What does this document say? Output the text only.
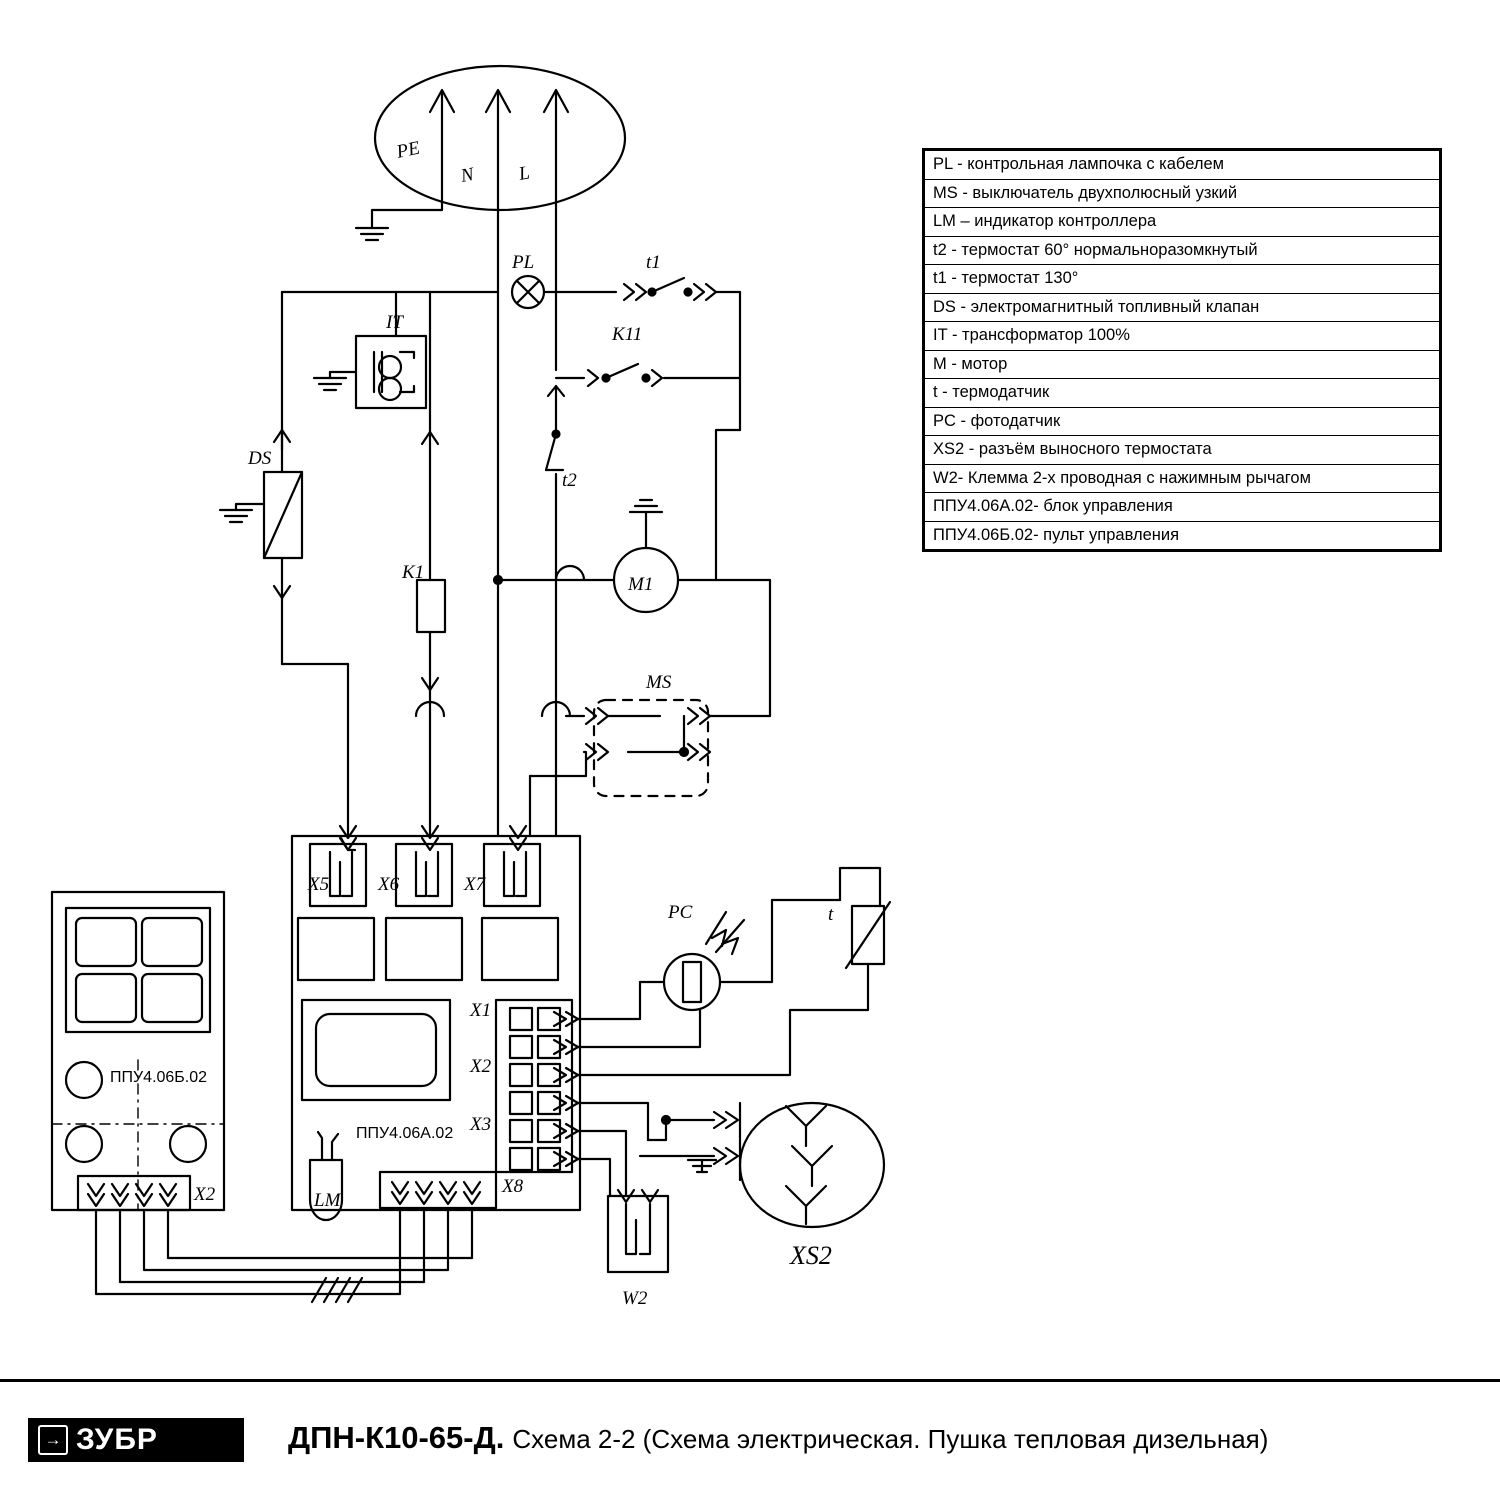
PE
N L
PL	t1
K11
IT
DS
K1
t2
M1
MS
X5	X6	X7
X1
X2
X3
X8
X2	LM
W2
PC	t
XS2
ППУ4.06А.02
ППУ4.06Б.02
PL - контрольная лампочка с кабелем
MS - выключатель двухполюсный узкий
LM – индикатор контроллера
t2 - термостат 60° нормальноразомкнутый
t1 - термостат 130°
DS - электромагнитный топливный клапан
IT - трансформатор 100%
M - мотор
t - термодатчик
PC - фотодатчик
XS2 - разъём выносного термостата
W2- Клемма 2-х проводная с нажимным рычагом
ППУ4.06А.02- блок управления
ППУ4.06Б.02- пульт управления
→ ЗУБР	ДПН-К10-65-Д. Схема 2-2 (Схема электрическая. Пушка тепловая дизельная)
